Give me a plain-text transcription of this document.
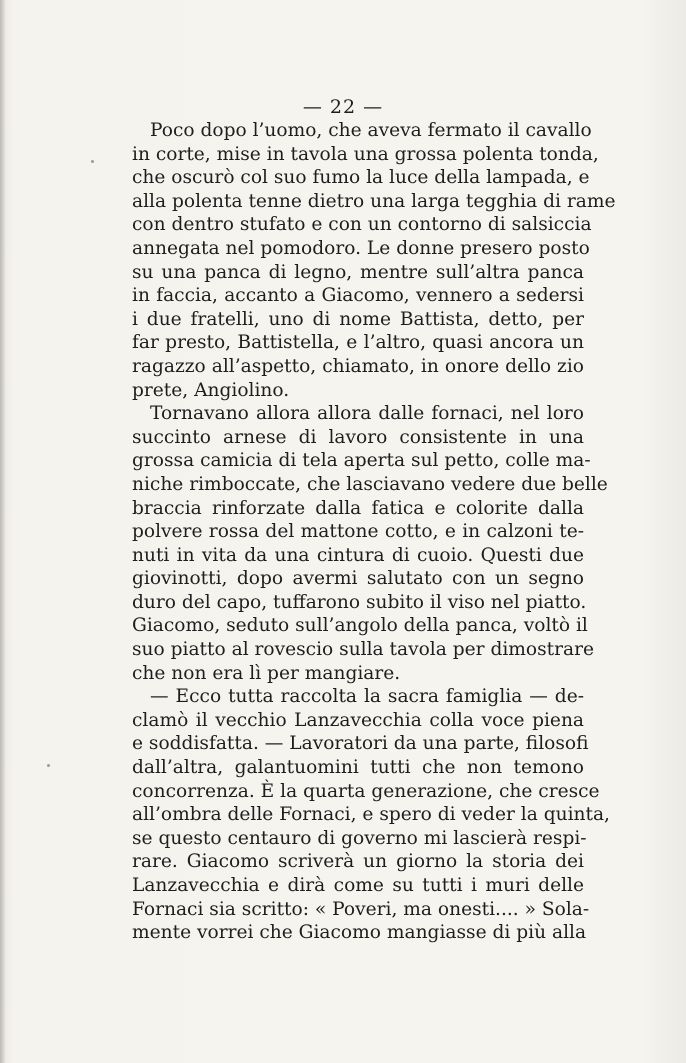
— 22 —
Poco dopo l’uomo, che aveva fermato il cavallo
in corte, mise in tavola una grossa polenta tonda,
che oscurò col suo fumo la luce della lampada, e
alla polenta tenne dietro una larga tegghia di rame
con dentro stufato e con un contorno di salsiccia
annegata nel pomodoro. Le donne presero posto
su una panca di legno, mentre sull’altra panca
in faccia, accanto a Giacomo, vennero a sedersi
i due fratelli, uno di nome Battista, detto, per
far presto, Battistella, e l’altro, quasi ancora un
ragazzo all’aspetto, chiamato, in onore dello zio
prete, Angiolino.
Tornavano allora allora dalle fornaci, nel loro
succinto arnese di lavoro consistente in una
grossa camicia di tela aperta sul petto, colle ma-
niche rimboccate, che lasciavano vedere due belle
braccia rinforzate dalla fatica e colorite dalla
polvere rossa del mattone cotto, e in calzoni te-
nuti in vita da una cintura di cuoio. Questi due
giovinotti, dopo avermi salutato con un segno
duro del capo, tuffarono subito il viso nel piatto.
Giacomo, seduto sull’angolo della panca, voltò il
suo piatto al rovescio sulla tavola per dimostrare
che non era lì per mangiare.
— Ecco tutta raccolta la sacra famiglia — de-
clamò il vecchio Lanzavecchia colla voce piena
e soddisfatta. — Lavoratori da una parte, filosofi
dall’altra, galantuomini tutti che non temono
concorrenza. È la quarta generazione, che cresce
all’ombra delle Fornaci, e spero di veder la quinta,
se questo centauro di governo mi lascierà respi-
rare. Giacomo scriverà un giorno la storia dei
Lanzavecchia e dirà come su tutti i muri delle
Fornaci sia scritto: « Poveri, ma onesti.... » Sola-
mente vorrei che Giacomo mangiasse di più alla
